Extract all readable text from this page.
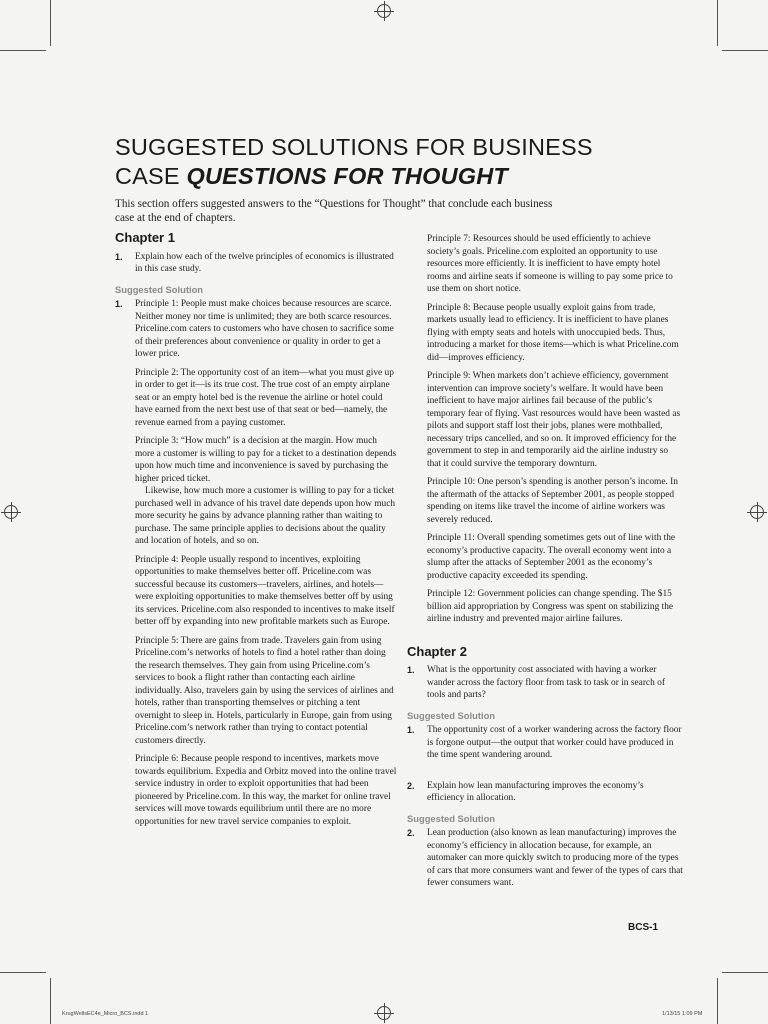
SUGGESTED SOLUTIONS FOR BUSINESS
CASE QUESTIONS FOR THOUGHT

This section offers suggested answers to the “Questions for Thought” that conclude each business case at the end of chapters.

Chapter 1
1.	Explain how each of the twelve principles of economics is illustrated in this case study.
Suggested Solution
1.	Principle 1: People must make choices because resources are scarce. Neither money nor time is unlimited; they are both scarce resources. Priceline.com caters to customers who have chosen to sacrifice some of their preferences about convenience or quality in order to get a lower price.

Principle 2: The opportunity cost of an item—what you must give up in order to get it—is its true cost. The true cost of an empty airplane seat or an empty hotel bed is the revenue the airline or hotel could have earned from the next best use of that seat or bed—namely, the revenue earned from a paying customer.

Principle 3: “How much” is a decision at the margin. How much more a customer is willing to pay for a ticket to a destination depends upon how much time and inconvenience is saved by purchasing the higher priced ticket.

Likewise, how much more a customer is willing to pay for a ticket purchased well in advance of his travel date depends upon how much more security he gains by advance planning rather than waiting to purchase. The same principle applies to decisions about the quality and location of hotels, and so on.

Principle 4: People usually respond to incentives, exploiting opportunities to make themselves better off. Priceline.com was successful because its customers—travelers, airlines, and hotels—were exploiting opportunities to make themselves better off by using its services. Priceline.com also responded to incentives to make itself better off by expanding into new profitable markets such as Europe.

Principle 5: There are gains from trade. Travelers gain from using Priceline.com’s networks of hotels to find a hotel rather than doing the research themselves. They gain from using Priceline.com’s services to book a flight rather than contacting each airline individually. Also, travelers gain by using the services of airlines and hotels, rather than transporting themselves or pitching a tent overnight to sleep in. Hotels, particularly in Europe, gain from using Priceline.com’s network rather than trying to contact potential customers directly.

Principle 6: Because people respond to incentives, markets move towards equilibrium. Expedia and Orbitz moved into the online travel service industry in order to exploit opportunities that had been pioneered by Priceline.com. In this way, the market for online travel services will move towards equilibrium until there are no more opportunities for new travel service companies to exploit.

Principle 7: Resources should be used efficiently to achieve society’s goals. Priceline.com exploited an opportunity to use resources more efficiently. It is inefficient to have empty hotel rooms and airline seats if someone is willing to pay some price to use them on short notice.

Principle 8: Because people usually exploit gains from trade, markets usually lead to efficiency. It is inefficient to have planes flying with empty seats and hotels with unoccupied beds. Thus, introducing a market for those items—which is what Priceline.com did—improves efficiency.

Principle 9: When markets don’t achieve efficiency, government intervention can improve society’s welfare. It would have been inefficient to have major airlines fail because of the public’s temporary fear of flying. Vast resources would have been wasted as pilots and support staff lost their jobs, planes were mothballed, necessary trips cancelled, and so on. It improved efficiency for the government to step in and temporarily aid the airline industry so that it could survive the temporary downturn.

Principle 10: One person’s spending is another person’s income. In the aftermath of the attacks of September 2001, as people stopped spending on items like travel the income of airline workers was severely reduced.

Principle 11: Overall spending sometimes gets out of line with the economy’s productive capacity. The overall economy went into a slump after the attacks of September 2001 as the economy’s productive capacity exceeded its spending.

Principle 12: Government policies can change spending. The $15 billion aid appropriation by Congress was spent on stabilizing the airline industry and prevented major airline failures.

Chapter 2
1.	What is the opportunity cost associated with having a worker wander across the factory floor from task to task or in search of tools and parts?
Suggested Solution
1.	The opportunity cost of a worker wandering across the factory floor is forgone output—the output that worker could have produced in the time spent wandering around.
2.	Explain how lean manufacturing improves the economy’s efficiency in allocation.
Suggested Solution
2.	Lean production (also known as lean manufacturing) improves the economy’s efficiency in allocation because, for example, an automaker can more quickly switch to producing more of the types of cars that more consumers want and fewer of the types of cars that fewer consumers want.
BCS-1
KrugWellsEC4e_Micro_BCS.indd 1	1/13/15 1:09 PM
